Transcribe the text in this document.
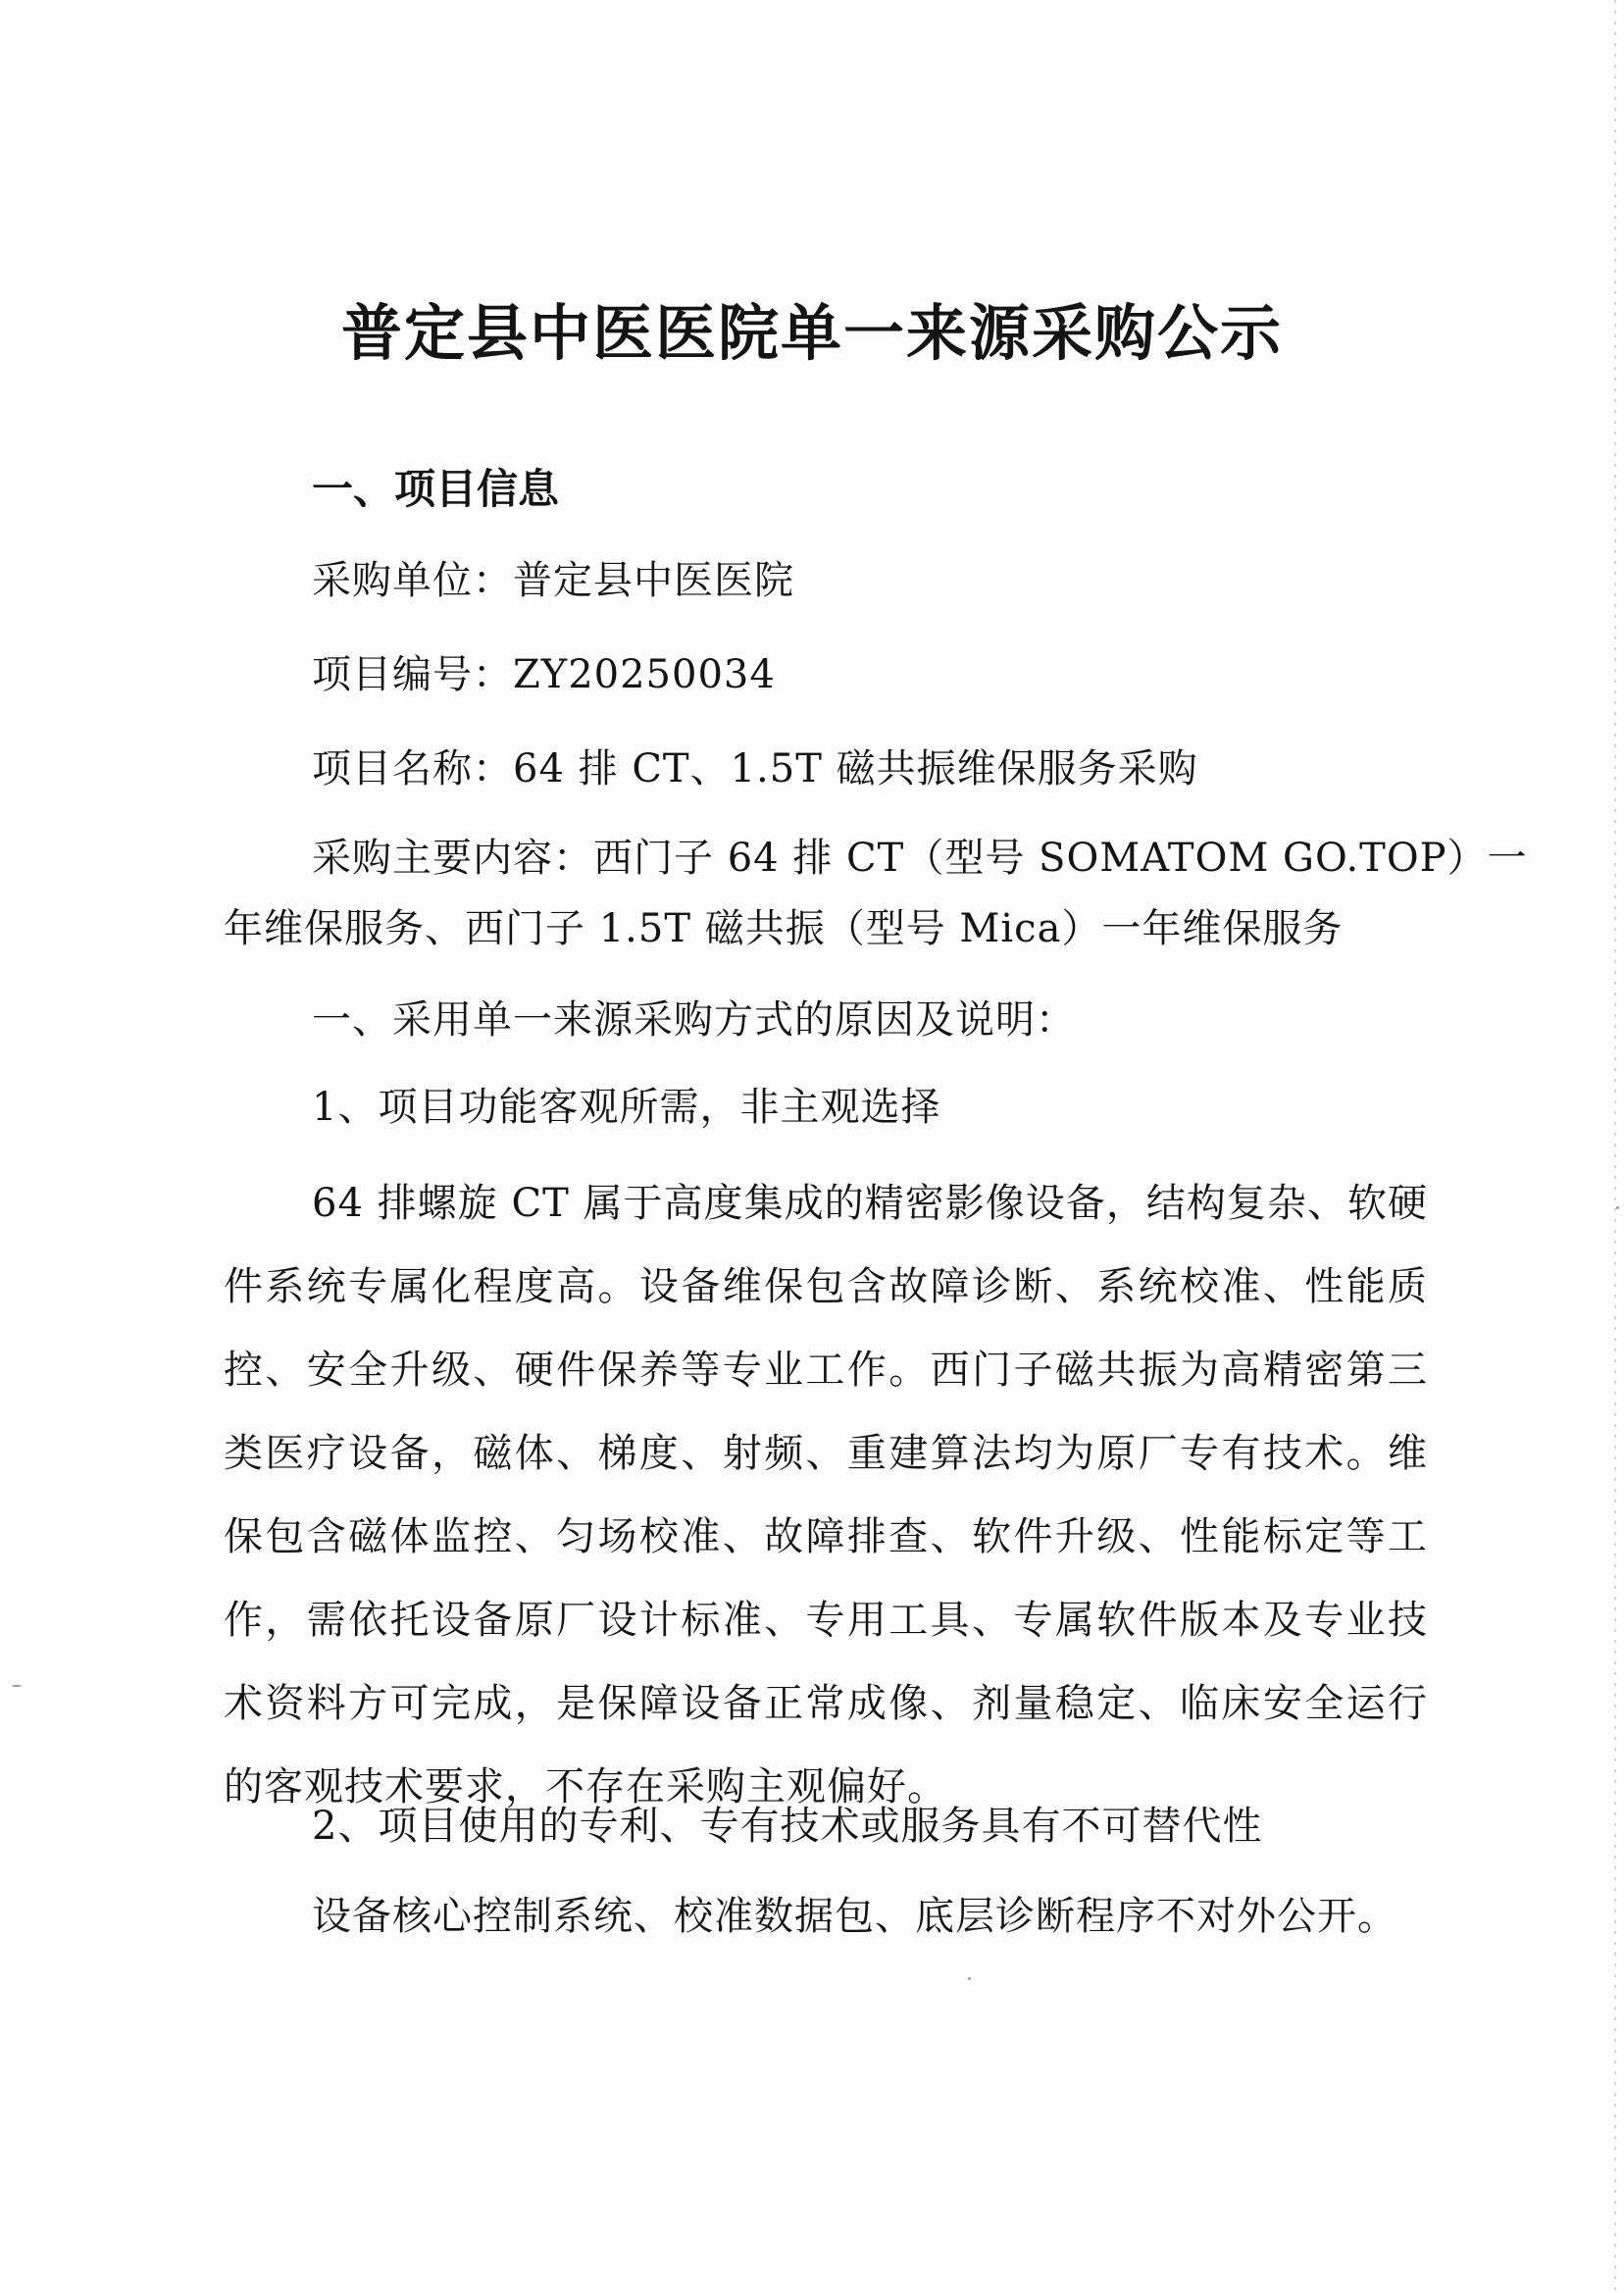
普定县中医医院单一来源采购公示
一、项目信息
采购单位：普定县中医医院
项目编号：ZY20250034
项目名称：64 排 CT、1.5T 磁共振维保服务采购
采购主要内容：西门子 64 排 CT（型号 SOMATOM GO.TOP）一
年维保服务、西门子 1.5T 磁共振（型号 Mica）一年维保服务
一、采用单一来源采购方式的原因及说明：
1、项目功能客观所需，非主观选择
64 排螺旋 CT 属于高度集成的精密影像设备，结构复杂、软硬件系统专属化程度高。设备维保包含故障诊断、系统校准、性能质控、安全升级、硬件保养等专业工作。西门子磁共振为高精密第三类医疗设备，磁体、梯度、射频、重建算法均为原厂专有技术。维保包含磁体监控、匀场校准、故障排查、软件升级、性能标定等工作，需依托设备原厂设计标准、专用工具、专属软件版本及专业技术资料方可完成，是保障设备正常成像、剂量稳定、临床安全运行的客观技术要求，不存在采购主观偏好。
2、项目使用的专利、专有技术或服务具有不可替代性
设备核心控制系统、校准数据包、底层诊断程序不对外公开。
